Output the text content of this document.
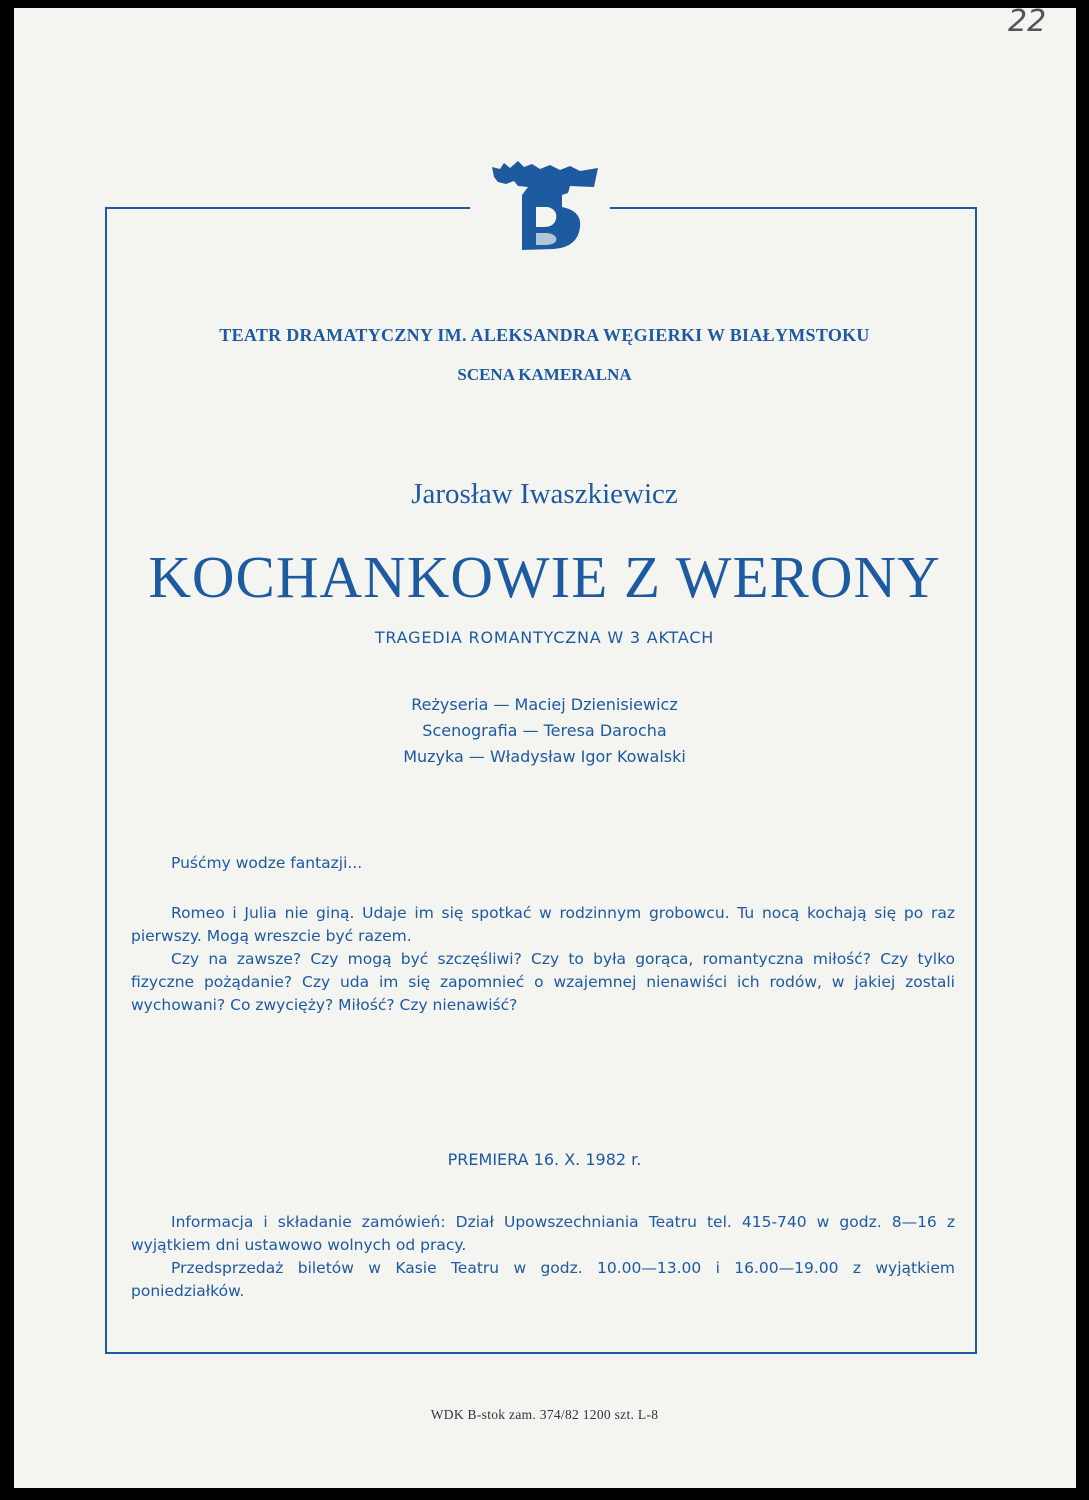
22
TEATR DRAMATYCZNY IM. ALEKSANDRA WĘGIERKI W BIAŁYMSTOKU
SCENA KAMERALNA
Jarosław Iwaszkiewicz
KOCHANKOWIE Z WERONY
TRAGEDIA ROMANTYCZNA W 3 AKTACH
Reżyseria — Maciej Dzienisiewicz
Scenografia — Teresa Darocha
Muzyka — Władysław Igor Kowalski

Puśćmy wodze fantazji...

Romeo i Julia nie giną. Udaje im się spotkać w rodzinnym grobowcu. Tu nocą kochają się po raz pierwszy. Mogą wreszcie być razem.

Czy na zawsze? Czy mogą być szczęśliwi? Czy to była gorąca, romantyczna miłość? Czy tylko fizyczne pożądanie? Czy uda im się zapomnieć o wzajemnej nienawiści ich rodów, w jakiej zostali wychowani? Co zwycięży? Miłość? Czy nienawiść?

PREMIERA 16. X. 1982 r.

Informacja i składanie zamówień: Dział Upowszechniania Teatru tel. 415-740 w godz. 8—16 z wyjątkiem dni ustawowo wolnych od pracy.

Przedsprzedaż biletów w Kasie Teatru w godz. 10.00—13.00 i 16.00—19.00 z wyjątkiem poniedziałków.

WDK B-stok zam. 374/82 1200 szt. L-8
